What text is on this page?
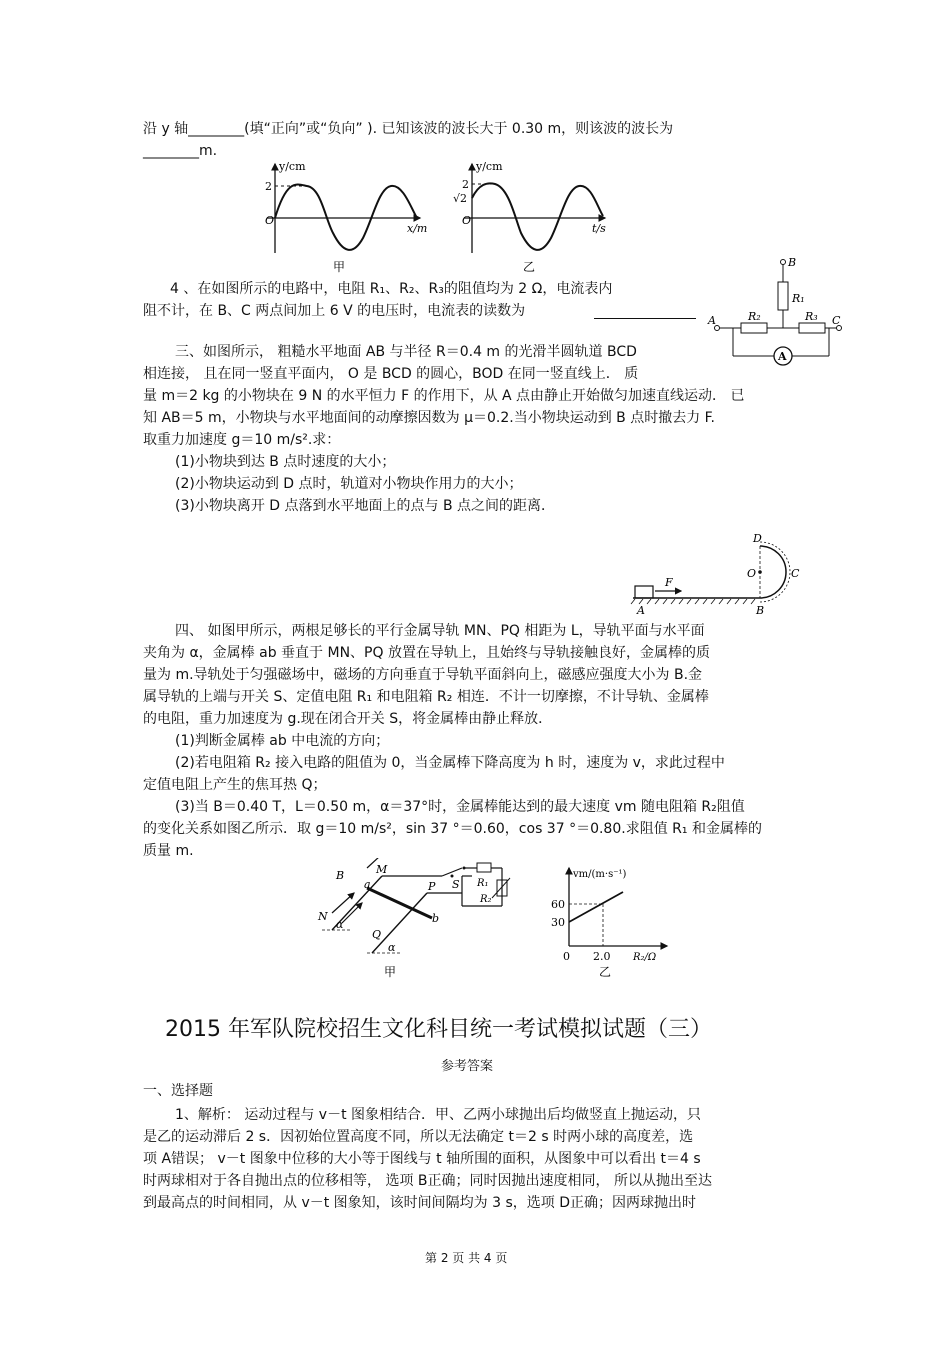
沿 y 轴________(填“正向”或“负向” ). 已知该波的波长大于 0.30 m，则该波的波长为
________m.
y/cm
2
O
x/m
甲
y/cm
2
√2
O
t/s
乙
4 、在如图所示的电路中，电阻 R₁、R₂、R₃的阻值均为 2 Ω，电流表内
阻不计，在 B、C 两点间加上 6 V 的电压时，电流表的读数为
A
B
R₁
A	R₂	R₃ C
三、如图所示， 粗糙水平地面 AB 与半径 R＝0.4 m 的光滑半圆轨道 BCD
相连接， 且在同一竖直平面内， O 是 BCD 的圆心，BOD 在同一竖直线上． 质
量 m＝2 kg 的小物块在 9 N 的水平恒力 F 的作用下，从 A 点由静止开始做匀加速直线运动． 已
知 AB＝5 m，小物块与水平地面间的动摩擦因数为 μ＝0.2.当小物块运动到 B 点时撤去力 F.
取重力加速度 g＝10 m/s².求：
(1)小物块到达 B 点时速度的大小；
(2)小物块运动到 D 点时，轨道对小物块作用力的大小；
(3)小物块离开 D 点落到水平地面上的点与 B 点之间的距离．
F
A	B
D
O	C
四、 如图甲所示，两根足够长的平行金属导轨 MN、PQ 相距为 L，导轨平面与水平面
夹角为 α，金属棒 ab 垂直于 MN、PQ 放置在导轨上，且始终与导轨接触良好，金属棒的质
量为 m.导轨处于匀强磁场中，磁场的方向垂直于导轨平面斜向上，磁感应强度大小为 B.金
属导轨的上端与开关 S、定值电阻 R₁ 和电阻箱 R₂ 相连．不计一切摩擦，不计导轨、金属棒
的电阻，重力加速度为 g.现在闭合开关 S，将金属棒由静止释放．
(1)判断金属棒 ab 中电流的方向；
(2)若电阻箱 R₂ 接入电路的阻值为 0，当金属棒下降高度为 h 时，速度为 v，求此过程中
定值电阻上产生的焦耳热 Q；
(3)当 B＝0.40 T，L＝0.50 m，α＝37°时，金属棒能达到的最大速度 vm 随电阻箱 R₂阻值
的变化关系如图乙所示．取 g＝10 m/s²，sin 37 °＝0.60，cos 37 °＝0.80.求阻值 R₁ 和金属棒的
质量 m.
B	M
a
N
α
P
b
Q
α
S R₁
R₂
甲
vm/(m·s⁻¹)
60
30
0 2.0 R₂/Ω
乙
2015 年军队院校招生文化科目统一考试模拟试题（三）
参考答案
一、选择题
1、解析： 运动过程与 v－t 图象相结合．甲、乙两小球抛出后均做竖直上抛运动，只
是乙的运动滞后 2 s．因初始位置高度不同，所以无法确定 t＝2 s 时两小球的高度差，选
项 A错误； v－t 图象中位移的大小等于图线与 t 轴所围的面积，从图象中可以看出 t＝4 s
时两球相对于各自抛出点的位移相等， 选项 B正确；同时因抛出速度相同， 所以从抛出至达
到最高点的时间相同，从 v－t 图象知，该时间间隔均为 3 s，选项 D正确；因两球抛出时
第 2 页 共 4 页
